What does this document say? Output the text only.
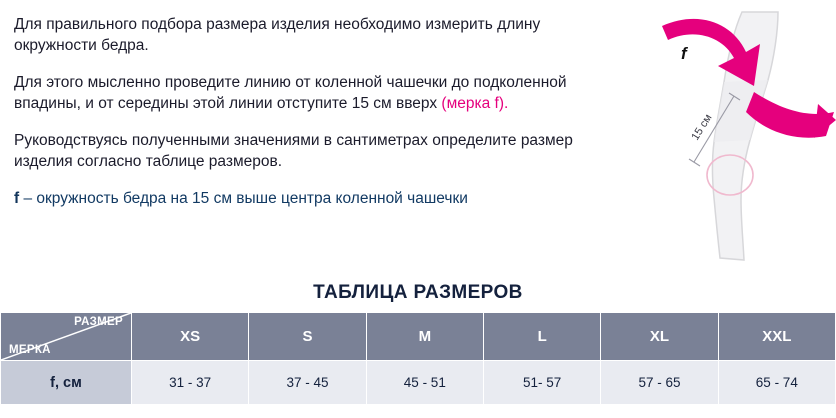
Для правильного подбора размера изделия необходимо измерить длину окружности бедра.

Для этого мысленно проведите линию от коленной чашечки до подколенной впадины, и от середины этой линии отступите 15 см вверх (мерка f).

Руководствуясь полученными значениями в сантиметрах определите размер изделия согласно таблице размеров.

f – окружность бедра на 15 см выше центра коленной чашечки

15 см
f
ТАБЛИЦА РАЗМЕРОВ
РАЗМЕР
МЕРКА	XS	S	M	L	XL	XXL
f, см	31 - 37	37 - 45	45 - 51	51- 57	57 - 65	65 - 74
